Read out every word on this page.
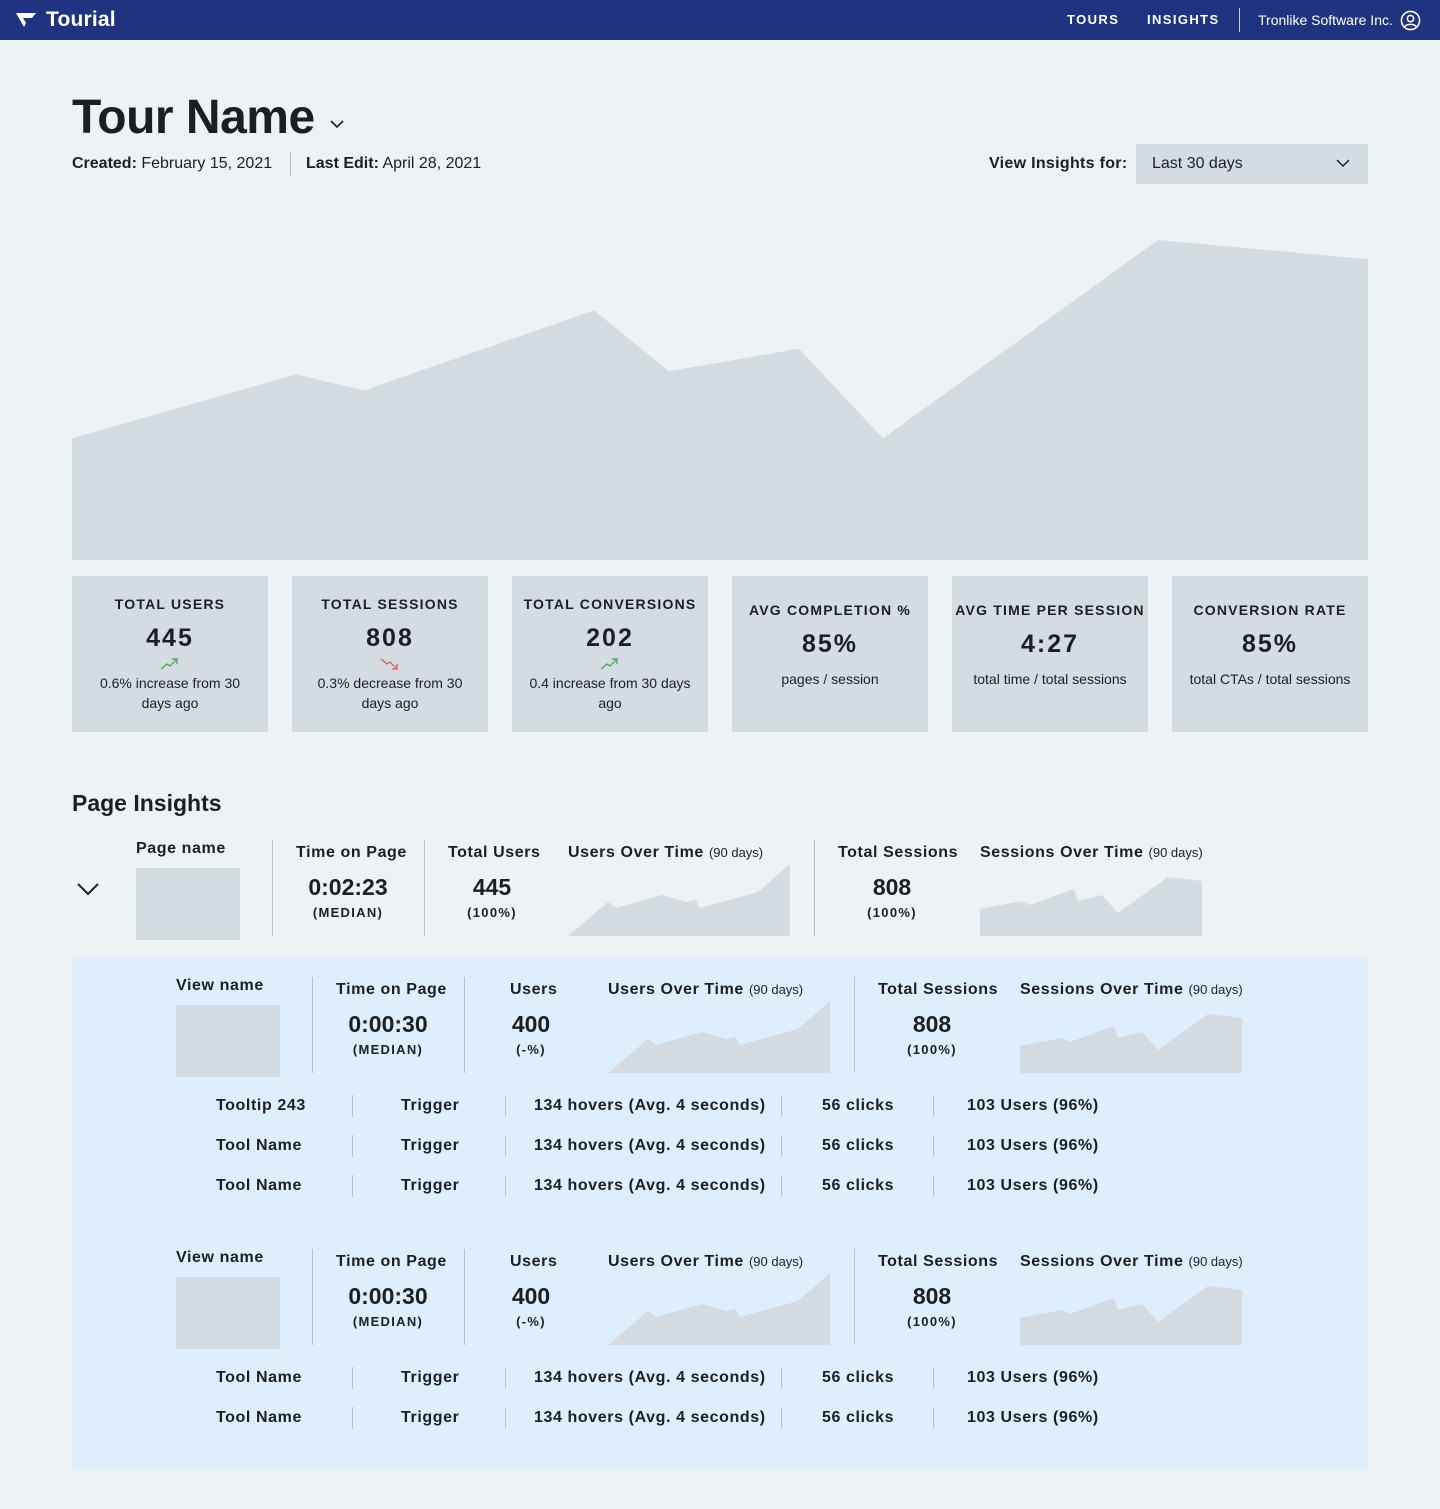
Tourial	TOURS INSIGHTS	Tronlike Software Inc.
Tour Name
Created: February 15, 2021 Last Edit: April 28, 2021	View Insights for: Last 30 days
TOTAL USERS
445
0.6% increase from 30 days ago
TOTAL SESSIONS
808
0.3% decrease from 30 days ago
TOTAL CONVERSIONS
202
0.4 increase from 30 days ago
AVG COMPLETION %
85%
pages / session
AVG TIME PER SESSION
4:27
total time / total sessions
CONVERSION RATE
85%
total CTAs / total sessions
Page Insights
Page name	Time on Page
0:02:23
(MEDIAN)
Total Users
445
(100%)
Users Over Time (90 days)	Total Sessions
808
(100%)
Sessions Over Time (90 days)
View name	Time on Page
0:00:30
(MEDIAN)
Users
400
(-%)
Users Over Time (90 days)	Total Sessions
808
(100%)
Sessions Over Time (90 days)
Tooltip 243	Trigger	134 hovers (Avg. 4 seconds)	56 clicks	103 Users (96%)
Tool Name	Trigger	134 hovers (Avg. 4 seconds)	56 clicks	103 Users (96%)
Tool Name	Trigger	134 hovers (Avg. 4 seconds)	56 clicks	103 Users (96%)
View name	Time on Page
0:00:30
(MEDIAN)
Users
400
(-%)
Users Over Time (90 days)	Total Sessions
808
(100%)
Sessions Over Time (90 days)
Tool Name	Trigger	134 hovers (Avg. 4 seconds)	56 clicks	103 Users (96%)
Tool Name	Trigger	134 hovers (Avg. 4 seconds)	56 clicks	103 Users (96%)
